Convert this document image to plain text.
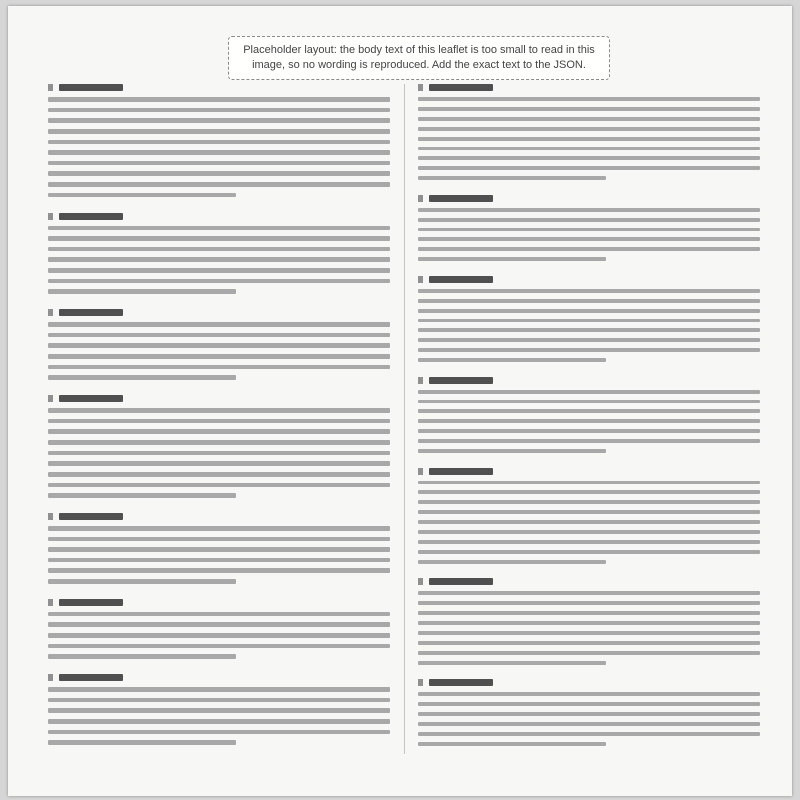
Placeholder layout: the body text of this leaflet is too small to read in this image, so no wording is reproduced. Add the exact text to the JSON.
